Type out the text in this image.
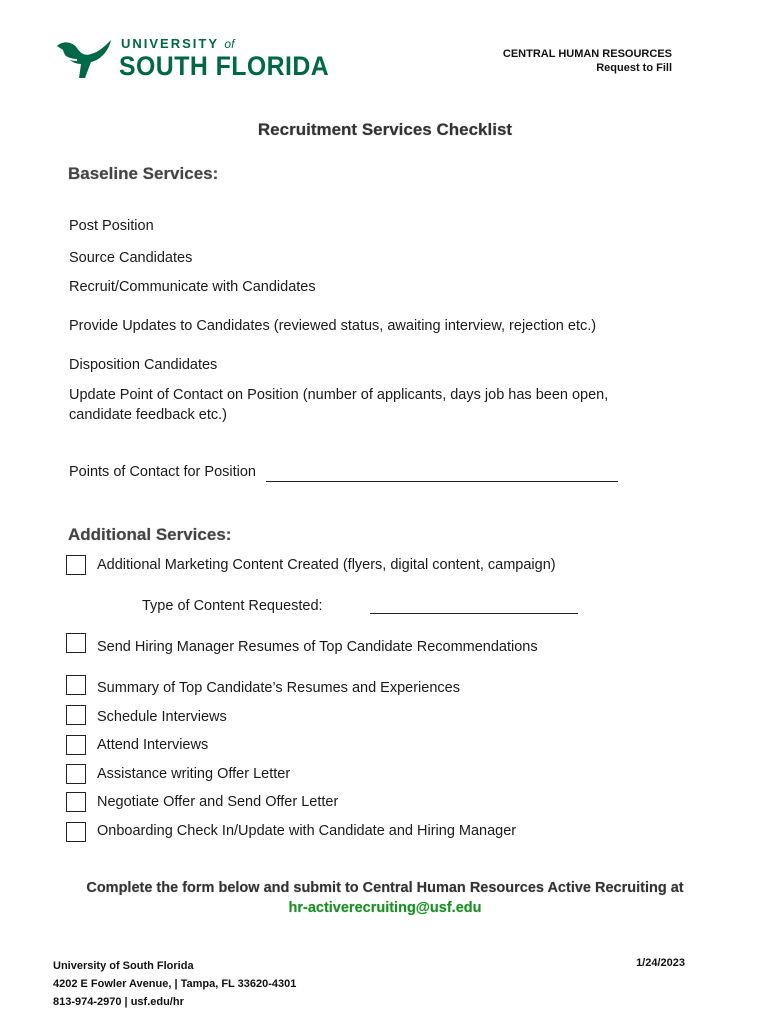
UNIVERSITY of
SOUTH FLORIDA	CENTRAL HUMAN RESOURCES
Request to Fill
Recruitment Services Checklist
Baseline Services:
Post Position
Source Candidates
Recruit/Communicate with Candidates
Provide Updates to Candidates (reviewed status, awaiting interview, rejection etc.)
Disposition Candidates
Update Point of Contact on Position (number of applicants, days job has been open, candidate feedback etc.)
Points of Contact for Position
Additional Services:
Additional Marketing Content Created (flyers, digital content, campaign)
Type of Content Requested:
Send Hiring Manager Resumes of Top Candidate Recommendations
Summary of Top Candidate’s Resumes and Experiences
Schedule Interviews
Attend Interviews
Assistance writing Offer Letter
Negotiate Offer and Send Offer Letter
Onboarding Check In/Update with Candidate and Hiring Manager
Complete the form below and submit to Central Human Resources Active Recruiting at
hr-activerecruiting@usf.edu
University of South Florida
4202 E Fowler Avenue, | Tampa, FL 33620-4301
813-974-2970 | usf.edu/hr
1/24/2023
